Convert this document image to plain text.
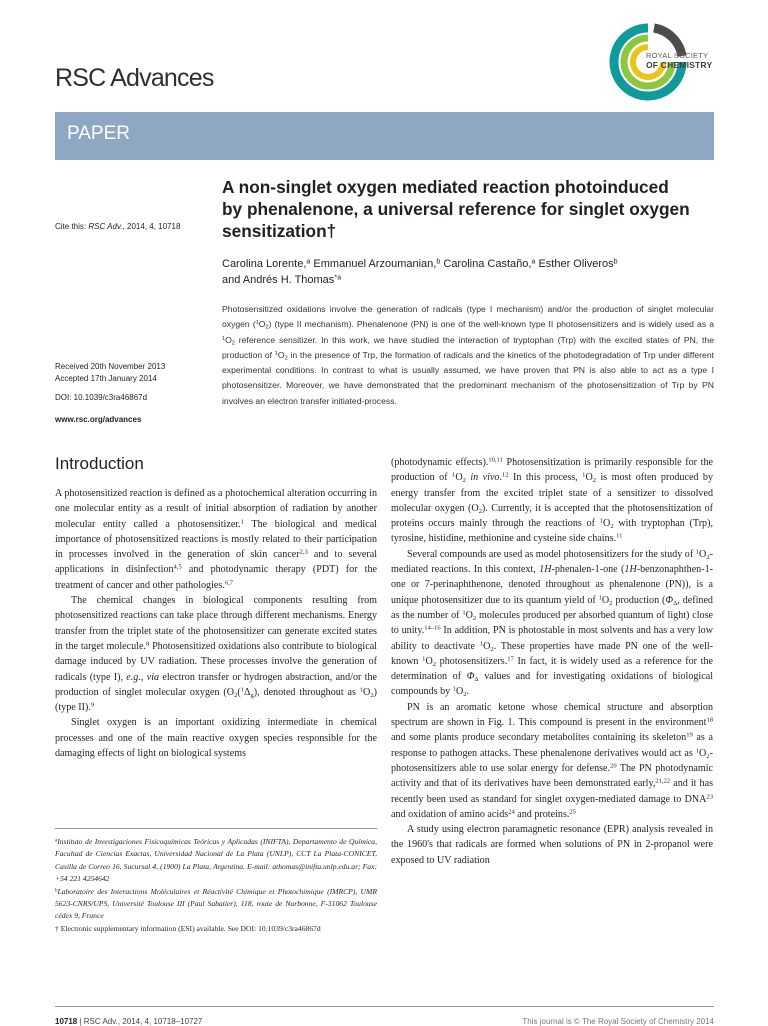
ROYAL SOCIETY
OF CHEMISTRY
RSC Advances
PAPER
A non-singlet oxygen mediated reaction photoinduced by phenalenone, a universal reference for singlet oxygen sensitization†
Carolina Lorente,$^a$ Emmanuel Arzoumanian,$^b$ Carolina Castaño,$^a$ Esther Oliveros$^b$
and Andrés H. Thomas$^{*a}$
Cite this: RSC Adv., 2014, 4, 10718
Received 20th November 2013
Accepted 17th January 2014
DOI: 10.1039/c3ra46867d
www.rsc.org/advances
Photosensitized oxidations involve the generation of radicals (type I mechanism) and/or the production of singlet molecular oxygen $(^1O_2)$ (type II mechanism). Phenalenone (PN) is one of the well-known type II photosensitizers and is widely used as a $^1O_2$ reference sensitizer. In this work, we have studied the interaction of tryptophan (Trp) with the excited states of PN, the production of $^1O_2$ in the presence of Trp, the formation of radicals and the kinetics of the photodegradation of Trp under different experimental conditions. In contrast to what is usually assumed, we have proven that PN is also able to act as a type I photosensitizer. Moreover, we have demonstrated that the predominant mechanism of the photosensitization of Trp by PN involves an electron transfer initiated-process.
Introduction

A photosensitized reaction is defined as a photochemical alteration occurring in one molecular entity as a result of initial absorption of radiation by another molecular entity called a photosensitizer.$^1$ The biological and medical importance of photosensitized reactions is mostly related to their participation in processes involved in the generation of skin cancer$^{2,3}$ and to several applications in disinfection$^{4,5}$ and photodynamic therapy (PDT) for the treatment of cancer and other pathologies.$^{6,7}$

The chemical changes in biological components resulting from photosensitized reactions can take place through different mechanisms. Energy transfer from the triplet state of the photosensitizer can generate excited states in the target molecule.$^8$ Photosensitized oxidations also contribute to biological damage induced by UV radiation. These processes involve the generation of radicals (type I), e.g., via electron transfer or hydrogen abstraction, and/or the production of singlet molecular oxygen ($O_2(^1\Delta_g)$, denoted throughout as $^1O_2$) (type II).$^9$

Singlet oxygen is an important oxidizing intermediate in chemical processes and one of the main reactive oxygen species responsible for the damaging effects of light on biological systems

(photodynamic effects).$^{10,11}$ Photosensitization is primarily responsible for the production of $^1O_2$ in vivo.$^{12}$ In this process, $^1O_2$ is most often produced by energy transfer from the excited triplet state of a sensitizer to dissolved molecular oxygen $(O_2)$. Currently, it is accepted that the photosensitization of proteins occurs mainly through the reactions of $^1O_2$ with tryptophan (Trp), tyrosine, histidine, methionine and cysteine side chains.$^{11}$

Several compounds are used as model photosensitizers for the study of $^1O_2$-mediated reactions. In this context, 1H-phenalen-1-one (1H-benzonaphthen-1-one or 7-perinaphthenone, denoted throughout as phenalenone (PN)), is a unique photosensitizer due to its quantum yield of $^1O_2$ production ($\Phi_\Delta$, defined as the number of $^1O_2$ molecules produced per absorbed quantum of light) close to unity.$^{14-16}$ In addition, PN is photostable in most solvents and has a very low ability to deactivate $^1O_2$. These properties have made PN one of the well-known $^1O_2$ photosensitizers.$^{17}$ In fact, it is widely used as a reference for the determination of $\Phi_\Delta$ values and for investigating oxidations of biological compounds by $^1O_2$.

PN is an aromatic ketone whose chemical structure and absorption spectrum are shown in Fig. 1. This compound is present in the environment$^{18}$ and some plants produce secondary metabolites containing its skeleton$^{19}$ as a response to pathogen attacks. These phenalenone derivatives would act as $^1O_2$-photosensitizers able to use solar energy for defense.$^{20}$ The PN photodynamic activity and that of its derivatives have been demonstrated early,$^{21,22}$ and it has recently been used as standard for singlet oxygen-mediated damage to DNA$^{23}$ and oxidation of amino acids$^{24}$ and proteins.$^{25}$

A study using electron paramagnetic resonance (EPR) analysis revealed in the 1960's that radicals are formed when solutions of PN in 2-propanol were exposed to UV radiation

$^a$Instituto de Investigaciones Fisicoquímicas Teóricas y Aplicadas (INIFTA), Departamento de Química, Facultad de Ciencias Exactas, Universidad Nacional de La Plata (UNLP), CCT La Plata-CONICET, Casilla de Correo 16, Sucursal 4, (1900) La Plata, Argentina. E-mail: athomas@inifta.unlp.edu.ar; Fax: +54 221 4254642

$^b$Laboratoire des Interactions Moléculaires et Réactivité Chimique et Photochimique (IMRCP), UMR 5623-CNRS/UPS, Université Toulouse III (Paul Sabatier), 118, route de Narbonne, F-31062 Toulouse cédex 9, France

† Electronic supplementary information (ESI) available. See DOI: 10.1039/c3ra46867d

10718 | RSC Adv., 2014, 4, 10718–10727	This journal is © The Royal Society of Chemistry 2014
